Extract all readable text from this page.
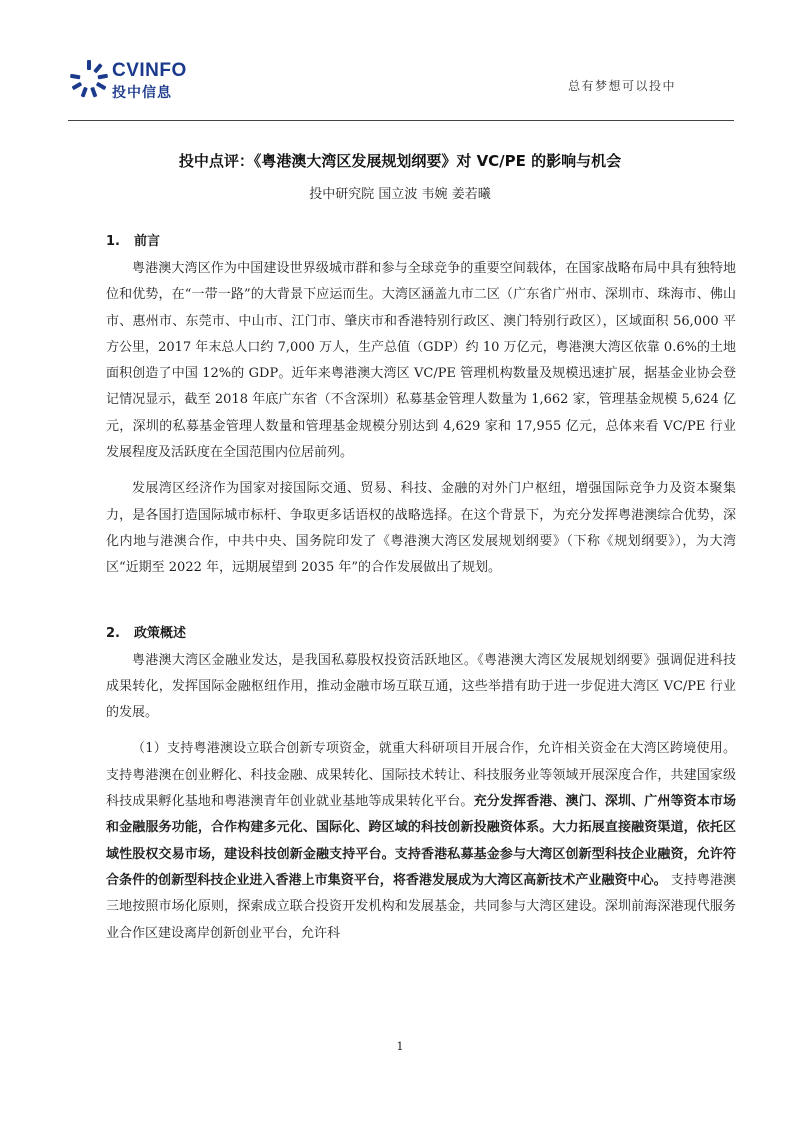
CVINFO
投中信息	总有梦想可以投中
投中点评：《粤港澳大湾区发展规划纲要》对 VC/PE 的影响与机会
投中研究院 国立波 韦婉 姜若曦

1. 前言

粤港澳大湾区作为中国建设世界级城市群和参与全球竞争的重要空间载体，在国家战略布局中具有独特地位和优势，在“一带一路”的大背景下应运而生。大湾区涵盖九市二区（广东省广州市、深圳市、珠海市、佛山市、惠州市、东莞市、中山市、江门市、肇庆市和香港特别行政区、澳门特别行政区），区域面积 56,000 平方公里，2017 年末总人口约 7,000 万人，生产总值（GDP）约 10 万亿元，粤港澳大湾区依靠 0.6%的土地面积创造了中国 12%的 GDP。近年来粤港澳大湾区 VC/PE 管理机构数量及规模迅速扩展，据基金业协会登记情况显示，截至 2018 年底广东省（不含深圳）私募基金管理人数量为 1,662 家，管理基金规模 5,624 亿元，深圳的私募基金管理人数量和管理基金规模分别达到 4,629 家和 17,955 亿元，总体来看 VC/PE 行业发展程度及活跃度在全国范围内位居前列。

发展湾区经济作为国家对接国际交通、贸易、科技、金融的对外门户枢纽，增强国际竞争力及资本聚集力，是各国打造国际城市标杆、争取更多话语权的战略选择。在这个背景下，为充分发挥粤港澳综合优势，深化内地与港澳合作，中共中央、国务院印发了《粤港澳大湾区发展规划纲要》（下称《规划纲要》），为大湾区“近期至 2022 年，远期展望到 2035 年”的合作发展做出了规划。

2. 政策概述

粤港澳大湾区金融业发达，是我国私募股权投资活跃地区。《粤港澳大湾区发展规划纲要》强调促进科技成果转化，发挥国际金融枢纽作用，推动金融市场互联互通，这些举措有助于进一步促进大湾区 VC/PE 行业的发展。

（1）支持粤港澳设立联合创新专项资金，就重大科研项目开展合作，允许相关资金在大湾区跨境使用。支持粤港澳在创业孵化、科技金融、成果转化、国际技术转让、科技服务业等领域开展深度合作，共建国家级科技成果孵化基地和粤港澳青年创业就业基地等成果转化平台。充分发挥香港、澳门、深圳、广州等资本市场和金融服务功能，合作构建多元化、国际化、跨区域的科技创新投融资体系。大力拓展直接融资渠道，依托区域性股权交易市场，建设科技创新金融支持平台。支持香港私募基金参与大湾区创新型科技企业融资，允许符合条件的创新型科技企业进入香港上市集资平台，将香港发展成为大湾区高新技术产业融资中心。 支持粤港澳三地按照市场化原则，探索成立联合投资开发机构和发展基金，共同参与大湾区建设。深圳前海深港现代服务业合作区建设离岸创新创业平台，允许科

1
